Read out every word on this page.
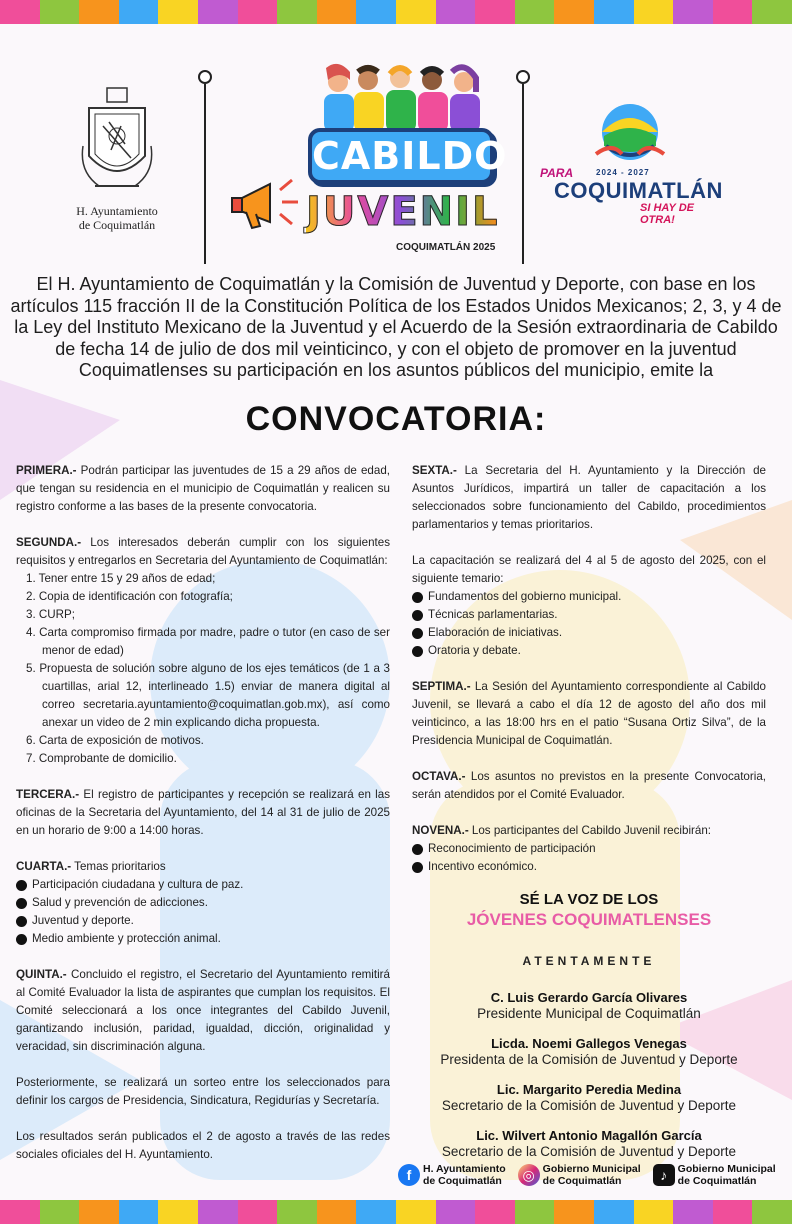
H. Ayuntamiento
de Coquimatlán
CABILDO
JUVENIL
COQUIMATLÁN 2025
PARA	2024 - 2027
COQUIMATLÁN
SI HAY DE OTRA!

El H. Ayuntamiento de Coquimatlán y la Comisión de Juventud y Deporte, con base en los artículos 115 fracción II de la Constitución Política de los Estados Unidos Mexicanos; 2, 3, y 4 de la Ley del Instituto Mexicano de la Juventud y el Acuerdo de la Sesión extraordinaria de Cabildo de fecha 14 de julio de dos mil veinticinco, y con el objeto de promover en la juventud Coquimatlenses su participación en los asuntos públicos del municipio, emite la

CONVOCATORIA:

PRIMERA.- Podrán participar las juventudes de 15 a 29 años de edad, que tengan su residencia en el municipio de Coquimatlán y realicen su registro conforme a las bases de la presente convocatoria.

SEGUNDA.- Los interesados deberán cumplir con los siguientes requisitos y entregarlos en Secretaria del Ayuntamiento de Coquimatlán:

1. Tener entre 15 y 29 años de edad;
2. Copia de identificación con fotografía;
3. CURP;
4. Carta compromiso firmada por madre, padre o tutor (en caso de ser menor de edad)
5. Propuesta de solución sobre alguno de los ejes temáticos (de 1 a 3 cuartillas, arial 12, interlineado 1.5) enviar de manera digital al correo secretaria.ayuntamiento@coquimatlan.gob.mx), así como anexar un video de 2 min explicando dicha propuesta.
6. Carta de exposición de motivos.
7. Comprobante de domicilio.

TERCERA.- El registro de participantes y recepción se realizará en las oficinas de la Secretaria del Ayuntamiento, del 14 al 31 de julio de 2025 en un horario de 9:00 a 14:00 horas.

CUARTA.- Temas prioritarios

Participación ciudadana y cultura de paz.
Salud y prevención de adicciones.
Juventud y deporte.
Medio ambiente y protección animal.

QUINTA.- Concluido el registro, el Secretario del Ayuntamiento remitirá al Comité Evaluador la lista de aspirantes que cumplan los requisitos. El Comité seleccionará a los once integrantes del Cabildo Juvenil, garantizando inclusión, paridad, igualdad, dicción, originalidad y veracidad, sin discriminación alguna.

Posteriormente, se realizará un sorteo entre los seleccionados para definir los cargos de Presidencia, Sindicatura, Regidurías y Secretaría.

Los resultados serán publicados el 2 de agosto a través de las redes sociales oficiales del H. Ayuntamiento.

SEXTA.- La Secretaria del H. Ayuntamiento y la Dirección de Asuntos Jurídicos, impartirá un taller de capacitación a los seleccionados sobre funcionamiento del Cabildo, procedimientos parlamentarios y temas prioritarios.

La capacitación se realizará del 4 al 5 de agosto del 2025, con el siguiente temario:

Fundamentos del gobierno municipal.
Técnicas parlamentarias.
Elaboración de iniciativas.
Oratoria y debate.

SEPTIMA.- La Sesión del Ayuntamiento correspondiente al Cabildo Juvenil, se llevará a cabo el día 12 de agosto del año dos mil veinticinco, a las 18:00 hrs en el patio “Susana Ortiz Silva”, de la Presidencia Municipal de Coquimatlán.

OCTAVA.- Los asuntos no previstos en la presente Convocatoria, serán atendidos por el Comité Evaluador.

NOVENA.- Los participantes del Cabildo Juvenil recibirán:

Reconocimiento de participación
Incentivo económico.
SÉ LA VOZ DE LOS
JÓVENES COQUIMATLENSES
ATENTAMENTE
C. Luis Gerardo García Olivares
Presidente Municipal de Coquimatlán
Licda. Noemi Gallegos Venegas
Presidenta de la Comisión de Juventud y Deporte
Lic. Margarito Peredia Medina
Secretario de la Comisión de Juventud y Deporte
Lic. Wilvert Antonio Magallón García
Secretario de la Comisión de Juventud y Deporte
f	H. Ayuntamiento
de Coquimatlán	◎ Gobierno Municipal
de Coquimatlán	♪	Gobierno Municipal
de Coquimatlán
